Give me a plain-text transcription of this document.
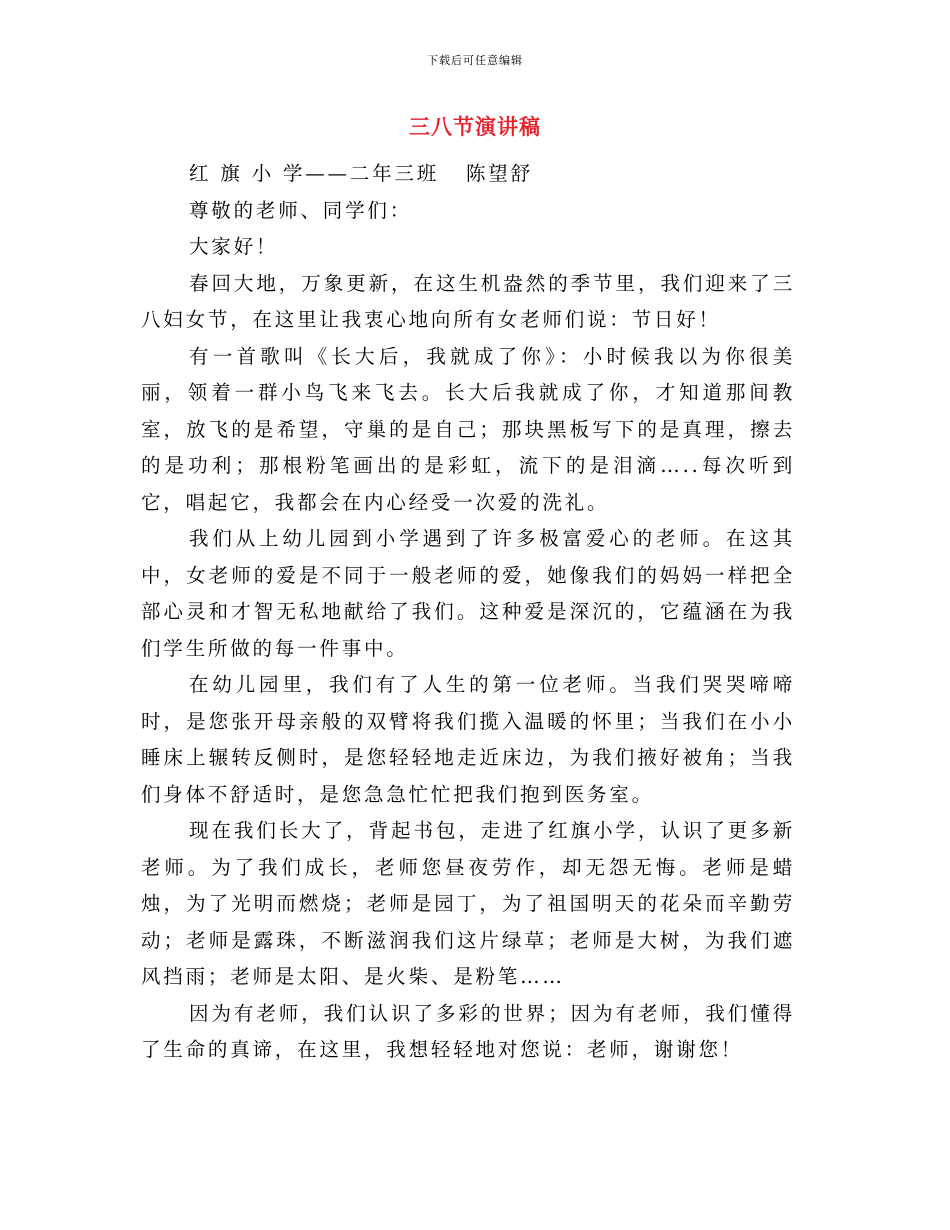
下载后可任意编辑
三八节演讲稿

红 旗 小 学——二年三班   陈望舒

尊敬的老师、同学们：

大家好！

春回大地，万象更新，在这生机盎然的季节里，我们迎来了三八妇女节，在这里让我衷心地向所有女老师们说：节日好！

有一首歌叫《长大后，我就成了你》：小时候我以为你很美丽，领着一群小鸟飞来飞去。长大后我就成了你，才知道那间教室，放飞的是希望，守巢的是自己；那块黑板写下的是真理，擦去的是功利；那根粉笔画出的是彩虹，流下的是泪滴…..每次听到它，唱起它，我都会在内心经受一次爱的洗礼。

我们从上幼儿园到小学遇到了许多极富爱心的老师。在这其中，女老师的爱是不同于一般老师的爱，她像我们的妈妈一样把全部心灵和才智无私地献给了我们。这种爱是深沉的，它蕴涵在为我们学生所做的每一件事中。

在幼儿园里，我们有了人生的第一位老师。当我们哭哭啼啼时，是您张开母亲般的双臂将我们揽入温暖的怀里；当我们在小小睡床上辗转反侧时，是您轻轻地走近床边，为我们掖好被角；当我们身体不舒适时，是您急急忙忙把我们抱到医务室。

现在我们长大了，背起书包，走进了红旗小学，认识了更多新老师。为了我们成长，老师您昼夜劳作，却无怨无悔。老师是蜡烛，为了光明而燃烧；老师是园丁，为了祖国明天的花朵而辛勤劳动；老师是露珠，不断滋润我们这片绿草；老师是大树，为我们遮风挡雨；老师是太阳、是火柴、是粉笔……

因为有老师，我们认识了多彩的世界；因为有老师，我们懂得了生命的真谛，在这里，我想轻轻地对您说：老师，谢谢您！
